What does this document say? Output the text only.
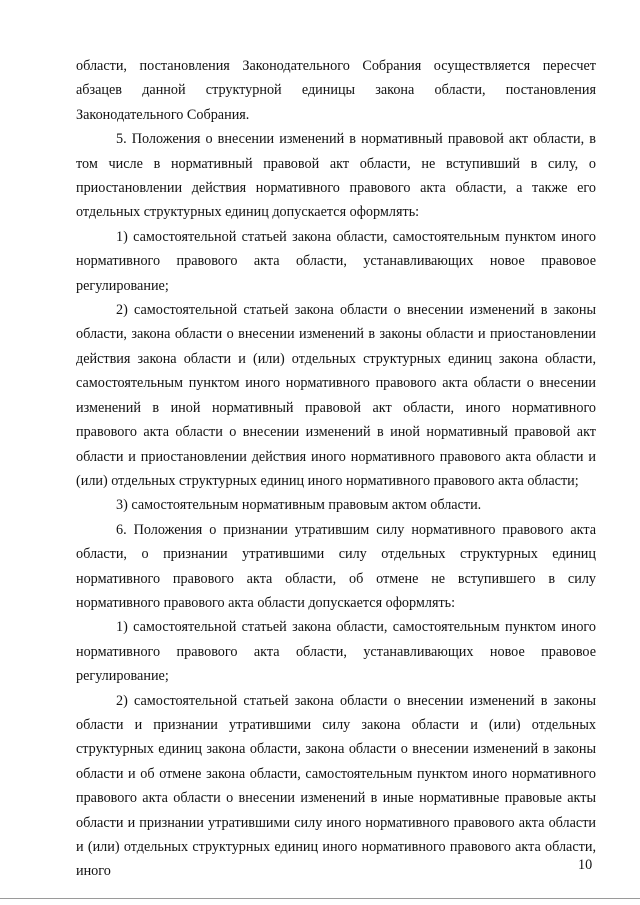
области, постановления Законодательного Собрания осуществляется пересчет абзацев данной структурной единицы закона области, постановления Законодательного Собрания.

5. Положения о внесении изменений в нормативный правовой акт области, в том числе в нормативный правовой акт области, не вступивший в силу, о приостановлении действия нормативного правового акта области, а также его отдельных структурных единиц допускается оформлять:

1) самостоятельной статьей закона области, самостоятельным пунктом иного нормативного правового акта области, устанавливающих новое правовое регулирование;

2) самостоятельной статьей закона области о внесении изменений в законы области, закона области о внесении изменений в законы области и приостановлении действия закона области и (или) отдельных структурных единиц закона области, самостоятельным пунктом иного нормативного правового акта области о внесении изменений в иной нормативный правовой акт области, иного нормативного правового акта области о внесении изменений в иной нормативный правовой акт области и приостановлении действия иного нормативного правового акта области и (или) отдельных структурных единиц иного нормативного правового акта области;

3) самостоятельным нормативным правовым актом области.

6. Положения о признании утратившим силу нормативного правового акта области, о признании утратившими силу отдельных структурных единиц нормативного правового акта области, об отмене не вступившего в силу нормативного правового акта области допускается оформлять:

1) самостоятельной статьей закона области, самостоятельным пунктом иного нормативного правового акта области, устанавливающих новое правовое регулирование;

2) самостоятельной статьей закона области о внесении изменений в законы области и признании утратившими силу закона области и (или) отдельных структурных единиц закона области, закона области о внесении изменений в законы области и об отмене закона области, самостоятельным пунктом иного нормативного правового акта области о внесении изменений в иные нормативные правовые акты области и признании утратившими силу иного нормативного правового акта области и (или) отдельных структурных единиц иного нормативного правового акта области, иного	10
